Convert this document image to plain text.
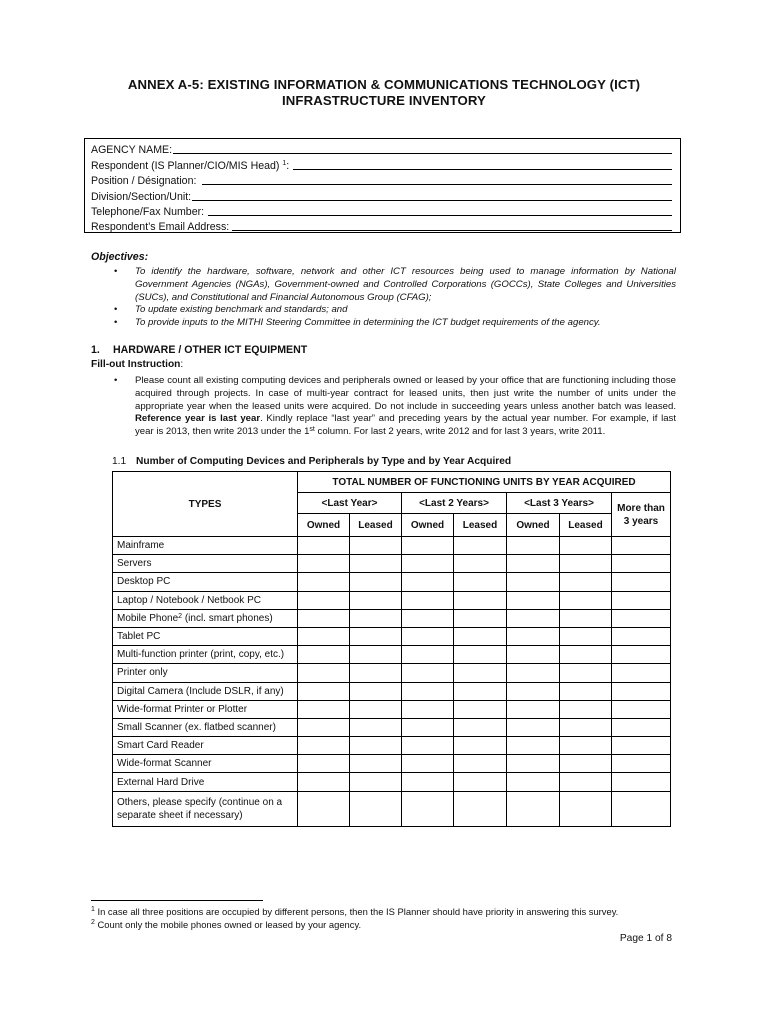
ANNEX A-5: EXISTING INFORMATION & COMMUNICATIONS TECHNOLOGY (ICT)
INFRASTRUCTURE INVENTORY
AGENCY NAME:
Respondent (IS Planner/CIO/MIS Head) $^1$:
Position / Désignation:
Division/Section/Unit:
Telephone/Fax Number:
Respondent’s Email Address:
Objectives:
• To identify the hardware, software, network and other ICT resources being used to manage information by National Government Agencies (NGAs), Government-owned and Controlled Corporations (GOCCs), State Colleges and Universities (SUCs), and Constitutional and Financial Autonomous Group (CFAG);
• To update existing benchmark and standards; and
• To provide inputs to the MITHI Steering Committee in determining the ICT budget requirements of the agency.
1. HARDWARE / OTHER ICT EQUIPMENT
Fill-out Instruction:
• Please count all existing computing devices and peripherals owned or leased by your office that are functioning including those acquired through projects. In case of multi-year contract for leased units, then just write the number of units under the appropriate year when the leased units were acquired. Do not include in succeeding years unless another batch was leased. Reference year is last year. Kindly replace “last year” and preceding years by the actual year number. For example, if last year is 2013, then write 2013 under the 1st column. For last 2 years, write 2012 and for last 3 years, write 2011.
1.1 Number of Computing Devices and Peripherals by Type and by Year Acquired
TYPES	TOTAL NUMBER OF FUNCTIONING UNITS BY YEAR ACQUIRED						
	<Last Year>		<Last 2 Years>		<Last 3 Years>		More than 3 years
	Owned	Leased	Owned	Leased	Owned	Leased	
Mainframe							
Servers							
Desktop PC							
Laptop / Notebook / Netbook PC							
Mobile Phone$^2$ (incl. smart phones)							
Tablet PC							
Multi-function printer (print, copy, etc.)							
Printer only							
Digital Camera (Include DSLR, if any)							
Wide-format Printer or Plotter							
Small Scanner (ex. flatbed scanner)							
Smart Card Reader							
Wide-format Scanner							
External Hard Drive							
Others, please specify (continue on a separate sheet if necessary)							
$^1$ In case all three positions are occupied by different persons, then the IS Planner should have priority in answering this survey.
$^2$ Count only the mobile phones owned or leased by your agency.
Page 1 of 8
